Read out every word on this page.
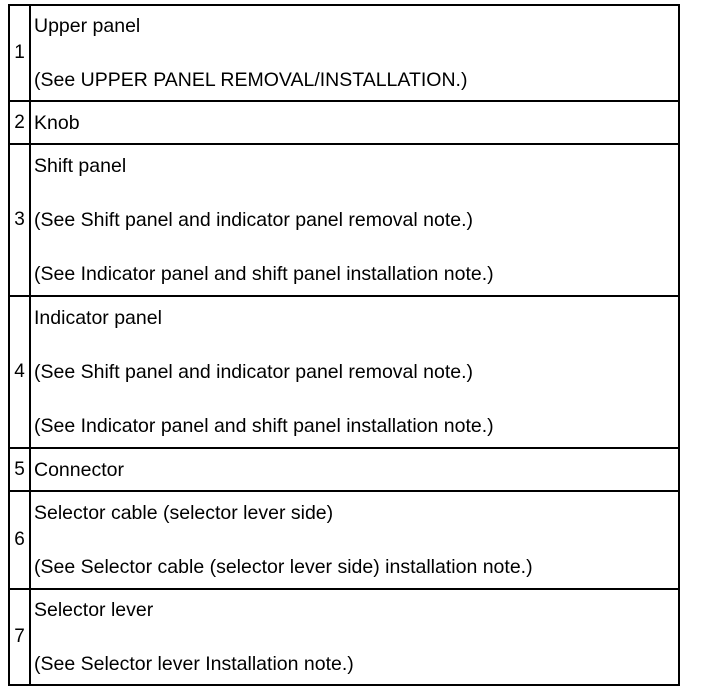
1	Upper panel
(See UPPER PANEL REMOVAL/INSTALLATION.)

2	Knob

3	Shift panel
(See Shift panel and indicator panel removal note.)
(See Indicator panel and shift panel installation note.)

4	Indicator panel
(See Shift panel and indicator panel removal note.)
(See Indicator panel and shift panel installation note.)

5	Connector

6	Selector cable (selector lever side)
(See Selector cable (selector lever side) installation note.)

7	Selector lever
(See Selector lever Installation note.)
